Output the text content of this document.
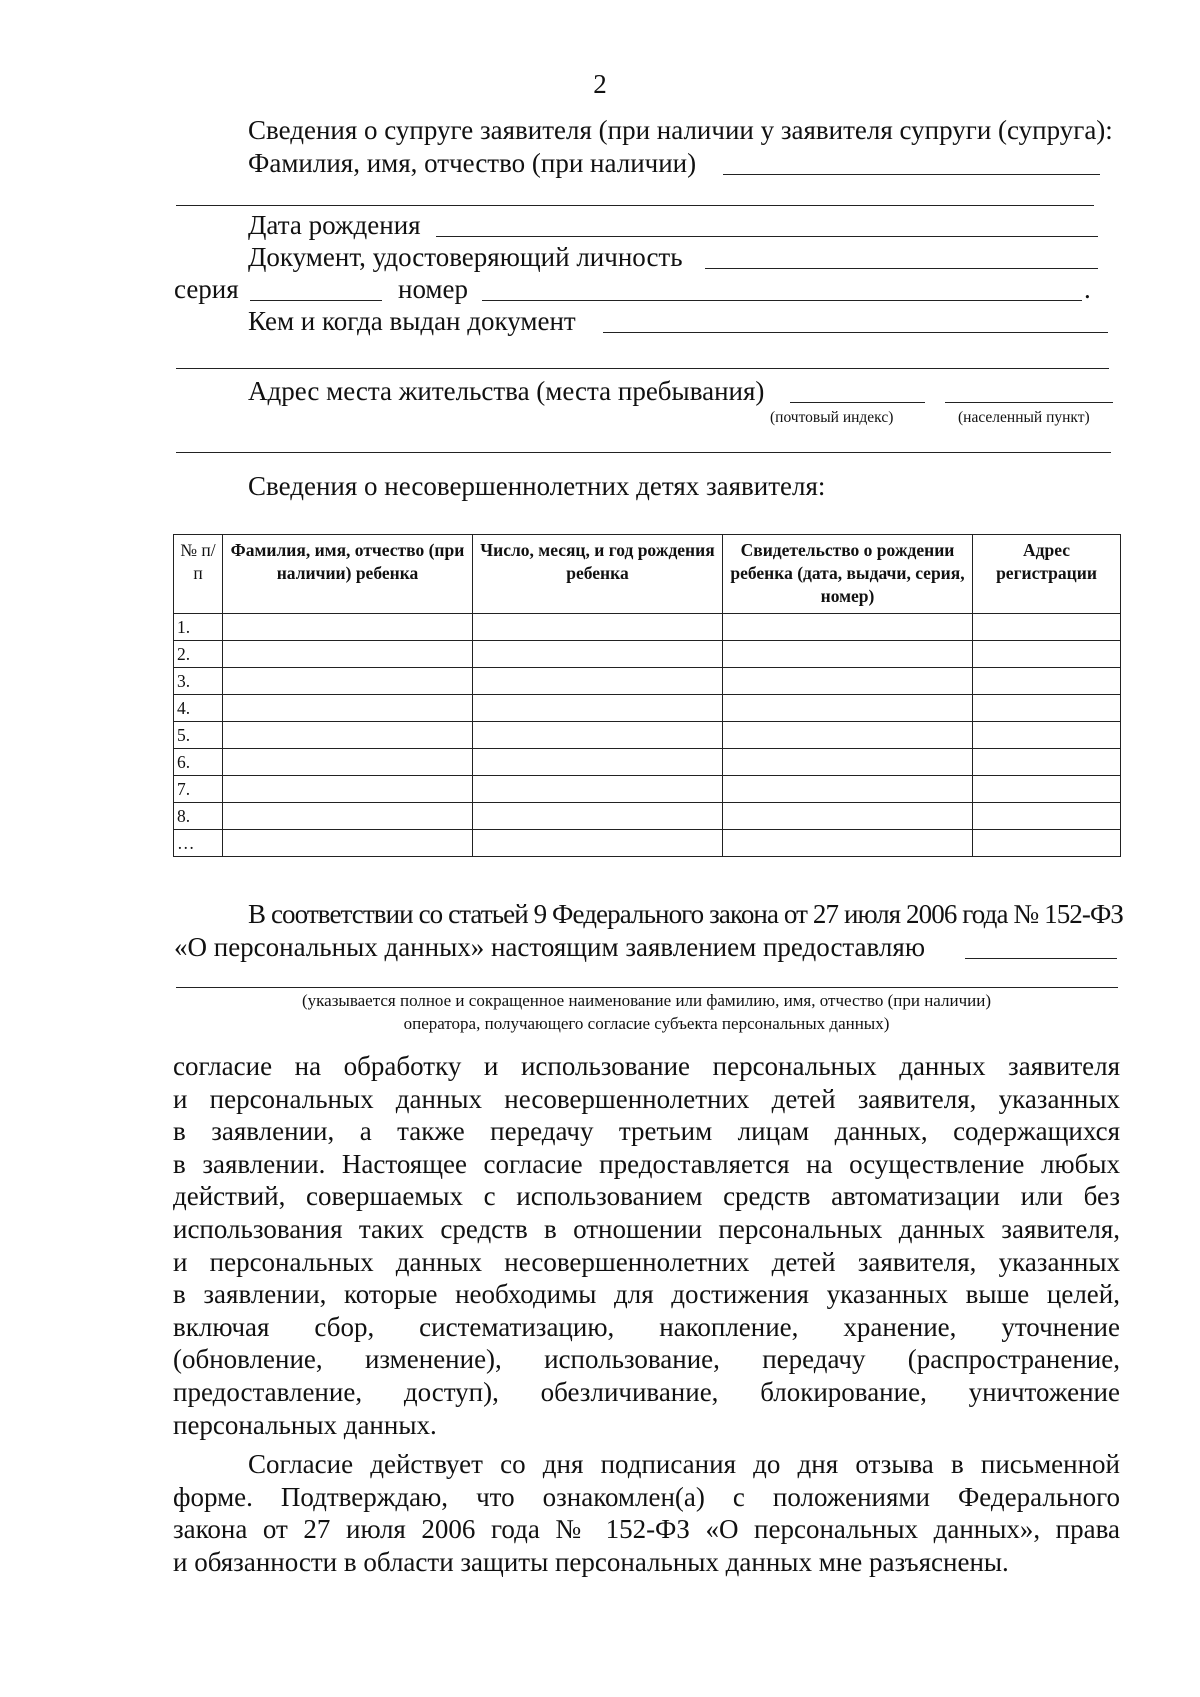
2
Сведения о супруге заявителя (при наличии у заявителя супруги (супруга):
Фамилия, имя, отчество (при наличии)
Дата рождения
Документ, удостоверяющий личность
серия	номер	.
Кем и когда выдан документ
Адрес места жительства (места пребывания)
(почтовый индекс)	(населенный пункт)
Сведения о несовершеннолетних детях заявителя:
№ п/п	Фамилия, имя, отчество (при наличии) ребенка	Число, месяц, и год рождения ребенка	Свидетельство о рождении ребенка (дата, выдачи, серия, номер)	Адрес регистрации
1.				
2.				
3.				
4.				
5.				
6.				
7.				
8.				
…				
В соответствии со статьей 9 Федерального закона от 27 июля 2006 года № 152-ФЗ
«О персональных данных» настоящим заявлением предоставляю
(указывается полное и сокращенное наименование или фамилию, имя, отчество (при наличии)
оператора, получающего согласие субъекта персональных данных)
согласие на обработку и использование персональных данных заявителя
и персональных данных несовершеннолетних детей заявителя, указанных
в заявлении, а также передачу третьим лицам данных, содержащихся
в заявлении. Настоящее согласие предоставляется на осуществление любых
действий, совершаемых с использованием средств автоматизации или без
использования таких средств в отношении персональных данных заявителя,
и персональных данных несовершеннолетних детей заявителя, указанных
в заявлении, которые необходимы для достижения указанных выше целей,
включая сбор, систематизацию, накопление, хранение, уточнение
(обновление, изменение), использование, передачу (распространение,
предоставление, доступ), обезличивание, блокирование, уничтожение
персональных данных.
Согласие действует со дня подписания до дня отзыва в письменной
форме. Подтверждаю, что ознакомлен(а) с положениями Федерального
закона от 27 июля 2006 года № 152-ФЗ «О персональных данных», права
и обязанности в области защиты персональных данных мне разъяснены.
